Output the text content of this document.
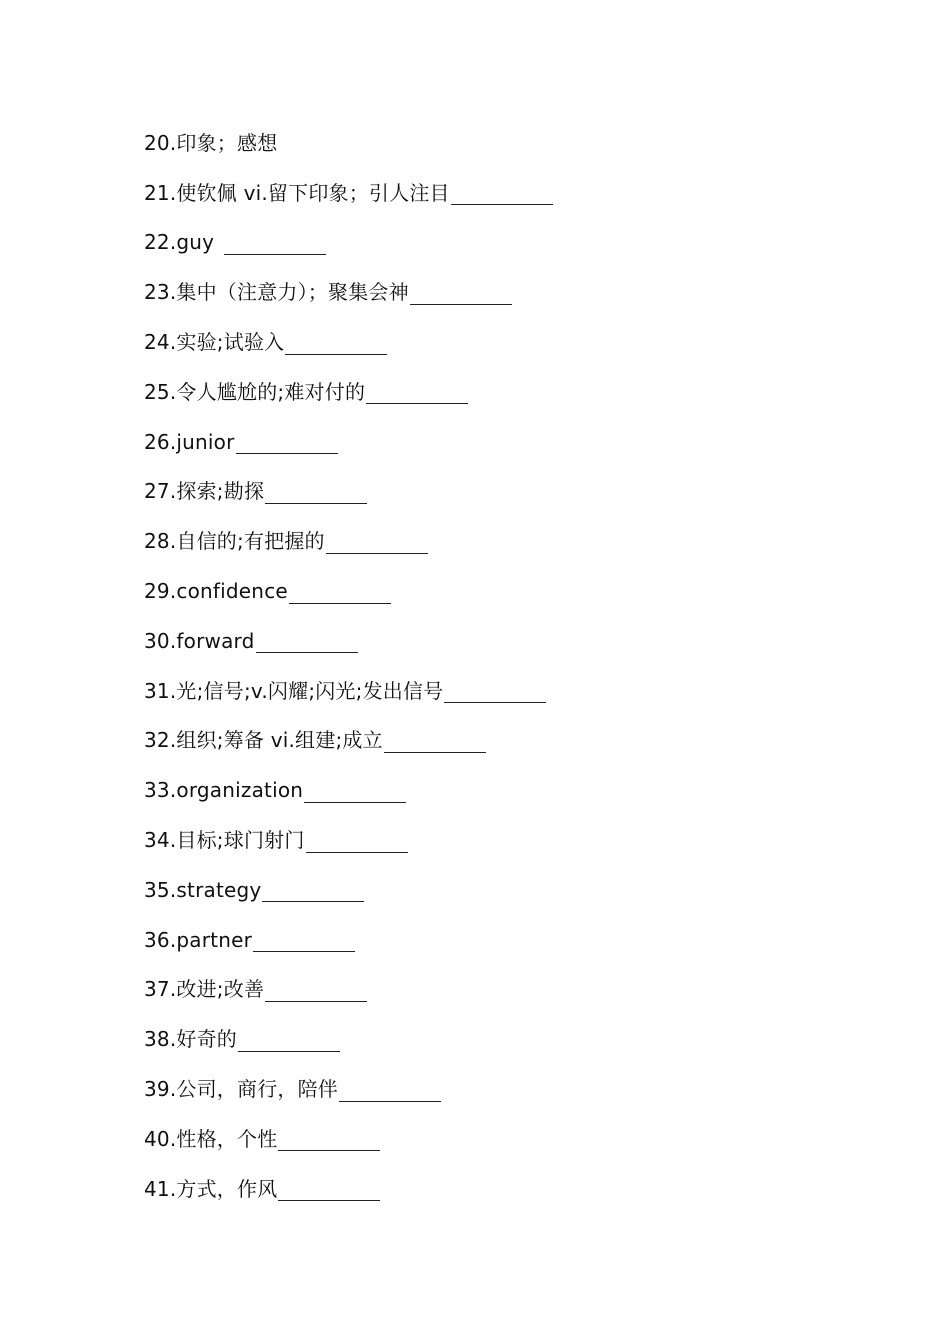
20.印象；感想
21.使钦佩 vi.留下印象；引人注目
22.guy
23.集中（注意力）；聚集会神
24.实验;试验入
25.令人尴尬的;难对付的
26.junior
27.探索;勘探
28.自信的;有把握的
29.confidence
30.forward
31.光;信号;v.闪耀;闪光;发出信号
32.组织;筹备 vi.组建;成立
33.organization
34.目标;球门射门
35.strategy
36.partner
37.改进;改善
38.好奇的
39.公司，商行，陪伴
40.性格，个性
41.方式，作风
